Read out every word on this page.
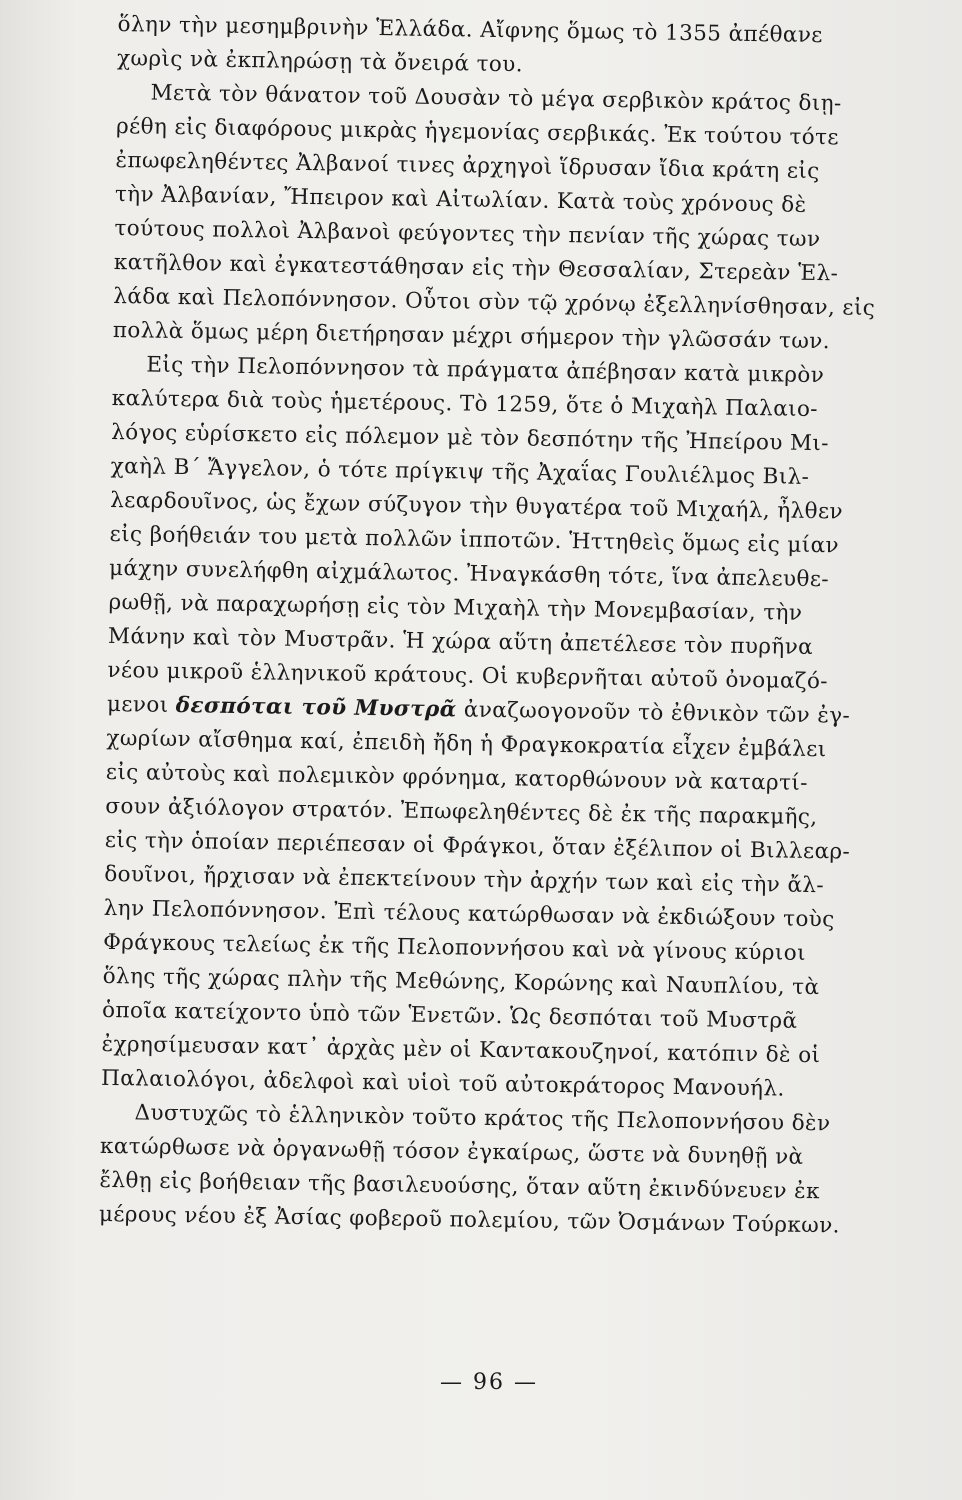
ὅλην τὴν μεσημβρινὴν Ἑλλάδα. Αἴφνης ὅμως τὸ 1355 ἀπέθανε
χωρὶς νὰ ἐκπληρώσῃ τὰ ὄνειρά του.
Μετὰ τὸν θάνατον τοῦ Δουσὰν τὸ μέγα σερβικὸν κράτος διῃ-
ρέθη εἰς διαφόρους μικρὰς ἡγεμονίας σερβικάς. Ἐκ τούτου τότε
ἐπωφεληθέντες Ἀλβανοί τινες ἀρχηγοὶ ἵδρυσαν ἴδια κράτη εἰς
τὴν Ἀλβανίαν, Ἤπειρον καὶ Αἰτωλίαν. Κατὰ τοὺς χρόνους δὲ
τούτους πολλοὶ Ἀλβανοὶ φεύγοντες τὴν πενίαν τῆς χώρας των
κατῆλθον καὶ ἐγκατεστάθησαν εἰς τὴν Θεσσαλίαν, Στερεὰν Ἑλ-
λάδα καὶ Πελοπόννησον. Οὗτοι σὺν τῷ χρόνῳ ἐξελληνίσθησαν, εἰς
πολλὰ ὅμως μέρη διετήρησαν μέχρι σήμερον τὴν γλῶσσάν των.
Εἰς τὴν Πελοπόννησον τὰ πράγματα ἀπέβησαν κατὰ μικρὸν
καλύτερα διὰ τοὺς ἡμετέρους. Τὸ 1259, ὅτε ὁ Μιχαὴλ Παλαιο-
λόγος εὑρίσκετο εἰς πόλεμον μὲ τὸν δεσπότην τῆς Ἠπείρου Μι-
χαὴλ Β΄ Ἄγγελον, ὁ τότε πρίγκιψ τῆς Ἀχαΐας Γουλιέλμος Βιλ-
λεαρδουῖνος, ὡς ἔχων σύζυγον τὴν θυγατέρα τοῦ Μιχαήλ, ἦλθεν
εἰς βοήθειάν του μετὰ πολλῶν ἱπποτῶν. Ἡττηθεὶς ὅμως εἰς μίαν
μάχην συνελήφθη αἰχμάλωτος. Ἠναγκάσθη τότε, ἵνα ἀπελευθε-
ρωθῇ, νὰ παραχωρήσῃ εἰς τὸν Μιχαὴλ τὴν Μονεμβασίαν, τὴν
Μάνην καὶ τὸν Μυστρᾶν. Ἡ χώρα αὕτη ἀπετέλεσε τὸν πυρῆνα
νέου μικροῦ ἑλληνικοῦ κράτους. Οἱ κυβερνῆται αὐτοῦ ὀνομαζό-
μενοι δεσπόται τοῦ Μυστρᾶ ἀναζωογονοῦν τὸ ἐθνικὸν τῶν ἐγ-
χωρίων αἴσθημα καί, ἐπειδὴ ἤδη ἡ Φραγκοκρατία εἶχεν ἐμβάλει
εἰς αὐτοὺς καὶ πολεμικὸν φρόνημα, κατορθώνουν νὰ καταρτί-
σουν ἀξιόλογον στρατόν. Ἐπωφεληθέντες δὲ ἐκ τῆς παρακμῆς,
εἰς τὴν ὁποίαν περιέπεσαν οἱ Φράγκοι, ὅταν ἐξέλιπον οἱ Βιλλεαρ-
δουῖνοι, ἤρχισαν νὰ ἐπεκτείνουν τὴν ἀρχήν των καὶ εἰς τὴν ἄλ-
λην Πελοπόννησον. Ἐπὶ τέλους κατώρθωσαν νὰ ἐκδιώξουν τοὺς
Φράγκους τελείως ἐκ τῆς Πελοποννήσου καὶ νὰ γίνους κύριοι
ὅλης τῆς χώρας πλὴν τῆς Μεθώνης, Κορώνης καὶ Ναυπλίου, τὰ
ὁποῖα κατείχοντο ὑπὸ τῶν Ἑνετῶν. Ὡς δεσπόται τοῦ Μυστρᾶ
ἐχρησίμευσαν κατ᾽ ἀρχὰς μὲν οἱ Καντακουζηνοί, κατόπιν δὲ οἱ
Παλαιολόγοι, ἀδελφοὶ καὶ υἱοὶ τοῦ αὐτοκράτορος Μανουήλ.
Δυστυχῶς τὸ ἑλληνικὸν τοῦτο κράτος τῆς Πελοποννήσου δὲν
κατώρθωσε νὰ ὀργανωθῇ τόσον ἐγκαίρως, ὥστε νὰ δυνηθῇ νὰ
ἔλθῃ εἰς βοήθειαν τῆς βασιλευούσης, ὅταν αὕτη ἐκινδύνευεν ἐκ
μέρους νέου ἐξ Ἀσίας φοβεροῦ πολεμίου, τῶν Ὀσμάνων Τούρκων.
— 96 —
